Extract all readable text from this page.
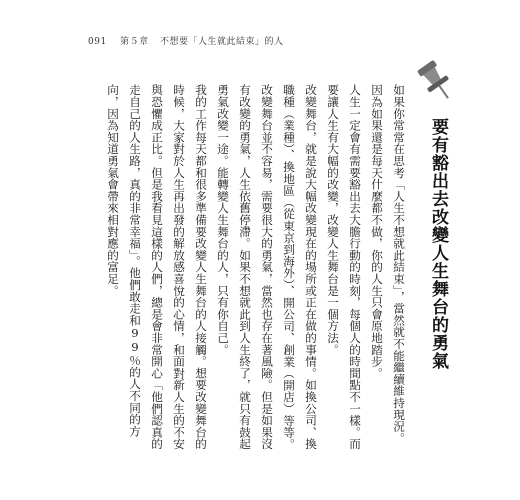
091 第５章 不想要「人生就此結束」的人
要有豁出去改變人生舞台的勇氣

如果你常常在思考「人生不想就此結束」，當然就不能繼續維持現況。因為如果還是每天什麼都不做，你的人生只會原地踏步。

人生一定會有需要豁出去大膽行動的時刻，每個人的時間點不一樣。而要讓人生有大幅的改變，改變人生舞台是一個方法。

改變舞台，就是說大幅改變現在的場所或正在做的事情。如換公司、換職種（業種）、換地區（從東京到海外）、開公司、創業（開店）等等。

改變舞台並不容易，需要很大的勇氣，當然也存在著風險。但是如果沒有改變的勇氣，人生依舊停滯。如果不想就此到人生終了，就只有鼓起勇氣改變一途。能轉變人生舞台的人，只有你自己。

我的工作每天都和很多準備要改變人生舞台的人接觸。想要改變舞台的時候，大家對於人生再出發的解放感喜悅的心情，和面對新人生的不安與恐懼成正比。但是我看見這樣的人們，總是會非常開心「他們認真的走自己的人生路，真的非常幸福」。他們敢走和99％的人不同的方向，因為知道勇氣會帶來相對應的富足。
